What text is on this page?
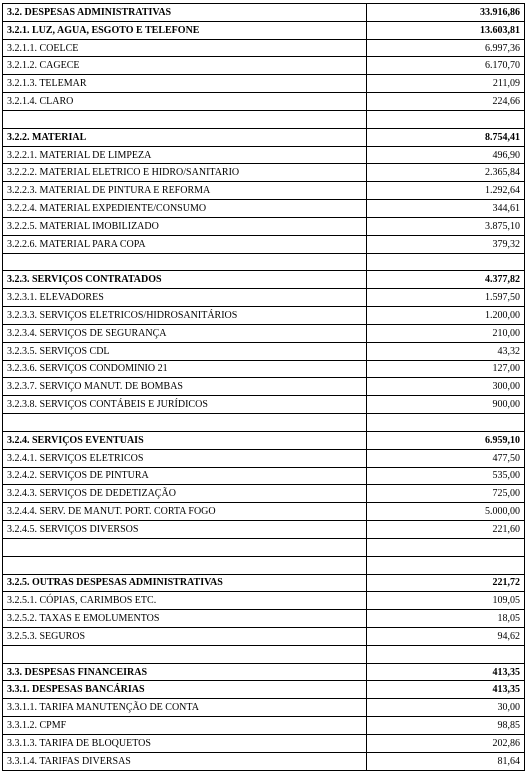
3.2. DESPESAS ADMINISTRATIVAS	33.916,86
3.2.1. LUZ, AGUA, ESGOTO E TELEFONE	13.603,81
3.2.1.1. COELCE	6.997,36
3.2.1.2. CAGECE	6.170,70
3.2.1.3. TELEMAR	211,09
3.2.1.4. CLARO	224,66

3.2.2. MATERIAL	8.754,41
3.2.2.1. MATERIAL DE LIMPEZA	496,90
3.2.2.2. MATERIAL ELETRICO E HIDRO/SANITARIO	2.365,84
3.2.2.3. MATERIAL DE PINTURA E REFORMA	1.292,64
3.2.2.4. MATERIAL EXPEDIENTE/CONSUMO	344,61
3.2.2.5. MATERIAL IMOBILIZADO	3.875,10
3.2.2.6. MATERIAL PARA COPA	379,32

3.2.3. SERVIÇOS CONTRATADOS	4.377,82
3.2.3.1. ELEVADORES	1.597,50
3.2.3.3. SERVIÇOS ELETRICOS/HIDROSANITÁRIOS	1.200,00
3.2.3.4. SERVIÇOS DE SEGURANÇA	210,00
3.2.3.5. SERVIÇOS CDL	43,32
3.2.3.6. SERVIÇOS CONDOMINIO 21	127,00
3.2.3.7. SERVIÇO MANUT. DE BOMBAS	300,00
3.2.3.8. SERVIÇOS CONTÁBEIS E JURÍDICOS	900,00

3.2.4. SERVIÇOS EVENTUAIS	6.959,10
3.2.4.1. SERVIÇOS ELETRICOS	477,50
3.2.4.2. SERVIÇOS DE PINTURA	535,00
3.2.4.3. SERVIÇOS DE DEDETIZAÇÃO	725,00
3.2.4.4. SERV. DE MANUT. PORT. CORTA FOGO	5.000,00
3.2.4.5. SERVIÇOS DIVERSOS	221,60

3.2.5. OUTRAS DESPESAS ADMINISTRATIVAS	221,72
3.2.5.1. CÓPIAS, CARIMBOS ETC.	109,05
3.2.5.2. TAXAS E EMOLUMENTOS	18,05
3.2.5.3. SEGUROS	94,62

3.3. DESPESAS FINANCEIRAS	413,35
3.3.1. DESPESAS BANCÁRIAS	413,35
3.3.1.1. TARIFA MANUTENÇÃO DE CONTA	30,00
3.3.1.2. CPMF	98,85
3.3.1.3. TARIFA DE BLOQUETOS	202,86
3.3.1.4. TARIFAS DIVERSAS	81,64
